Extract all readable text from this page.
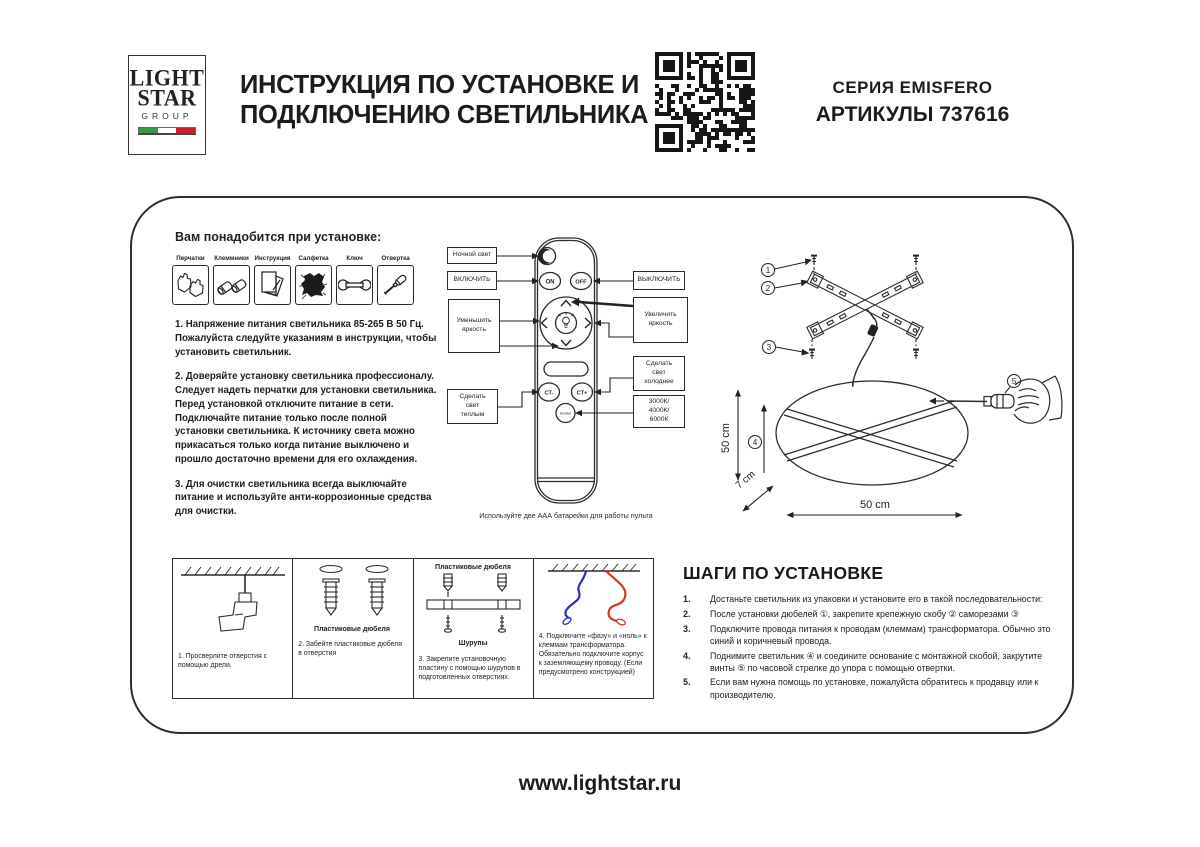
LIGHT
STAR
GROUP
ИНСТРУКЦИЯ ПО УСТАНОВКЕ И
ПОДКЛЮЧЕНИЮ СВЕТИЛЬНИКА
СЕРИЯ EMISFERO
АРТИКУЛЫ 737616
Вам понадобится при установке:
Перчатки	Клеммники Инструкция	Салфетка	Ключ	Отвертка
1. Напряжение питания светильника 85-265 В 50 Гц. Пожалуйста следуйте указаниям в инструкции, чтобы установить светильник.
2. Доверяйте установку светильника профессионалу. Следует надеть перчатки для установки светильника. Перед установкой отключите питание в сети. Подключайте питание только после полной установки светильника. К источнику света можно прикасаться только когда питание выключено и прошло достаточно времени для его охлаждения.
3. Для очистки светильника всегда выключайте питание и используйте анти-коррозионные средства для очистки.
ON	OFF
CT-	CT+
Section
Ночной свет
ВКЛЮЧИТЬ
Уменьшить
яркость
Сделать
свет
теплым
ВЫКЛЮЧИТЬ
Увеличить
яркость
Сделать
свет
холоднее
3000К/
4000К/
6000К
Используйте две ААА батарейки для работы пульта
1
2
3
50 cm
7 cm
50 cm
4
5
1. Просверлите отверстия с помощью дрели.
Пластиковые дюбеля
2. Забейте пластиковые дюбеля в отверстия
Пластиковые дюбеля
Шурупы
3. Закрепите установочную пластину с помощью шурупов в подготовленных отверстиях.
4. Подключите «фазу» и «ноль» к клеммам трансформатора. Обязательно подключите корпус к заземляющему проводу. (Если предусмотрено конструкцией)
ШАГИ ПО УСТАНОВКЕ
1.	Достаньте светильник из упаковки и установите его в такой последовательности:
2.	После установки дюбелей ①, закрепите крепежную скобу ② саморезами ③
3.	Подключите провода питания к проводам (клеммам) трансформатора. Обычно это синий и коричневый провода.
4.	Поднимите светильник ④ и соедините основание с монтажной скобой, закрутите винты ⑤ по часовой стрелке до упора с помощью отвертки.
5.	Если вам нужна помощь по установке, пожалуйста обратитесь к продавцу или к производителю.
www.lightstar.ru
